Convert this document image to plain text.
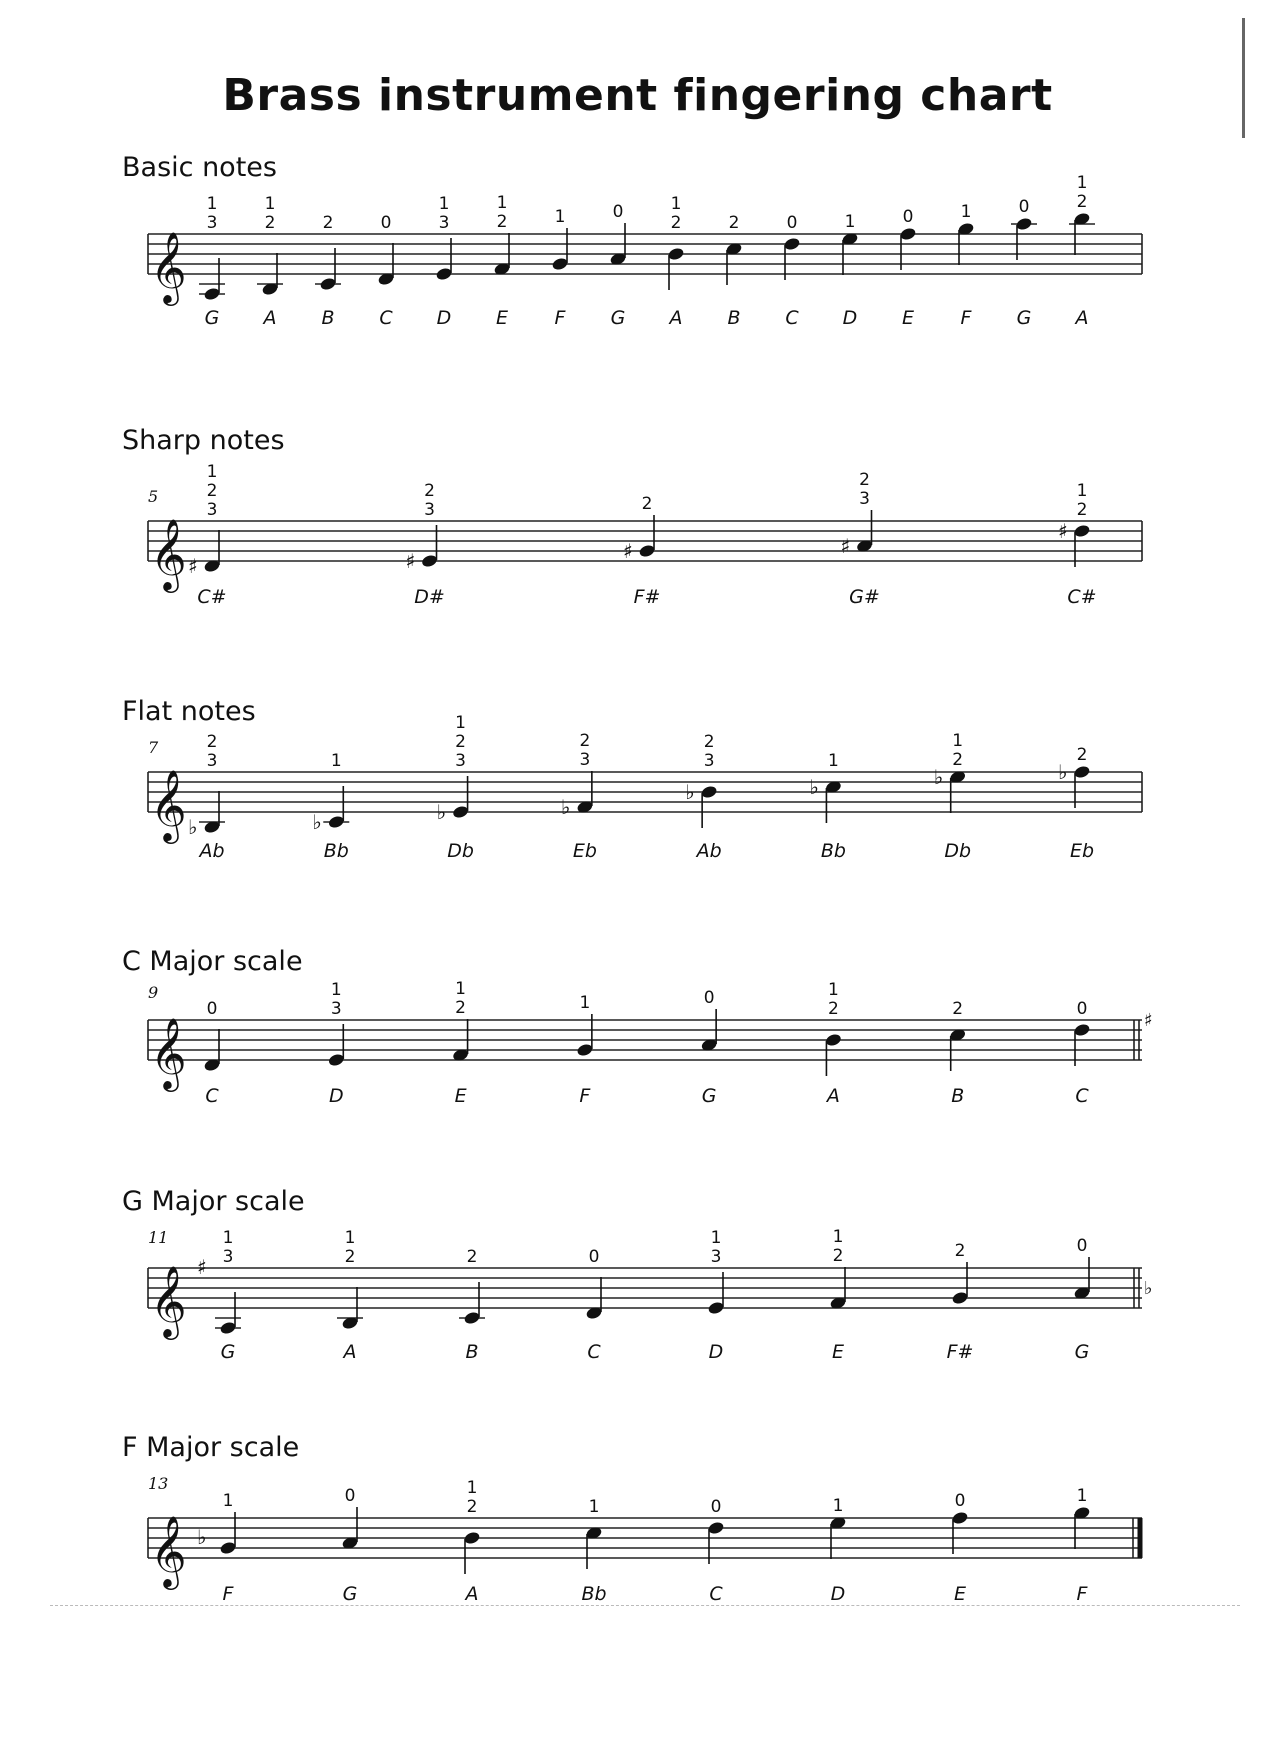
Brass instrument fingering chart
Basic notes
𝄞
1
3
G
1
2
A
2
B
0
C
1
3
D
1
2
E
1
F
0
G
1
2
A
2
B
0
C
1
D
0
E
1
F
0
G
1
2
A
Sharp notes
5
𝄞 ♯
1
2
3
C#
♯
2
3
D#
♯
2
F#
♯
2
3
G#
♯
1
2
C#
Flat notes
7
𝄞 ♭
2
3
Ab
♭
1
Bb
♭
1
2
3
Db
♭
2
3
Eb
♭
2
3
Ab
♭
1
Bb
♭
1
2
Db
♭
2
Eb
C Major scale
9
𝄞	♯
0
C
1
3
D
1
2
E
1
F
0
G
1
2
A
2
B
0
C
G Major scale
11
𝄞 ♯
♭
1
3
G
1
2
A
2
B
0
C
1
3
D
1
2
E
2
F#
0
G
F Major scale
13
𝄞 ♭
1
F
0
G
1
2
A
1
Bb
0
C
1
D
0
E
1
F
